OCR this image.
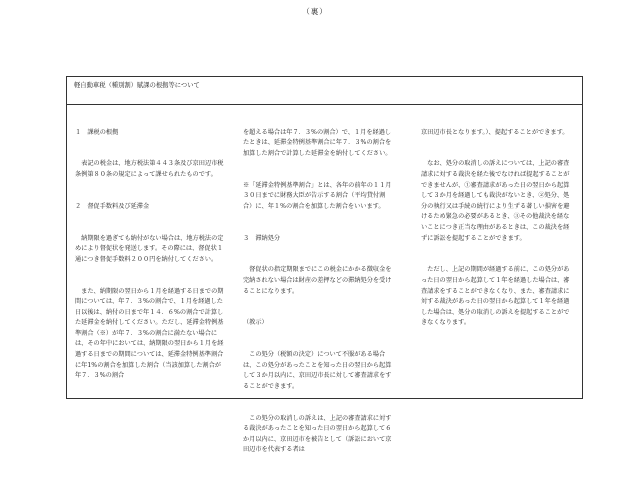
（裏）
軽自動車税（種別割）賦課の根拠等について

１　課税の根拠

　表記の税金は、地方税法第４４３条及び京田辺市税条例第８０条の規定によって課せられたものです。

２　督促手数料及び延滞金

　納期限を過ぎても納付がない場合は、地方税法の定めにより督促状を発送します。その際には、督促状１通につき督促手数料２００円を納付してください。

　また、納期限の翌日から１月を経過する日までの期間については、年７．３%の割合で、１月を経過した日以後は、納付の日まで年１４．６%の割合で計算した延滞金を納付してください。ただし、延滞金特例基準割合（※）が年７．３%の割合に満たない場合には、その年中においては、納期限の翌日から１月を経過する日までの期間については、延滞金特例基準割合に年1%の割合を加算した割合（当該加算した割合が年７．３%の割合

を超える場合は年７．３%の割合）で、１月を経過したときは、延滞金特例基準割合に年７．３%の割合を加算した割合で計算した延滞金を納付してください。

※「延滞金特例基準割合」とは、各年の前年の１１月３０日までに財務大臣が告示する割合（平均貸付割合）に、年１%の割合を加算した割合をいいます。

３　滞納処分

　督促状の指定期限までにこの税金にかかる徴収金を完納されない場合は財産の差押などの滞納処分を受けることになります。

（教示）

　この処分（税額の決定）について不服がある場合は、この処分があったことを知った日の翌日から起算して３か月以内に、京田辺市長に対して審査請求をすることができます。

　この処分の取消しの訴えは、上記の審査請求に対する裁決があったことを知った日の翌日から起算して６か月以内に、京田辺市を被告として（訴訟において京田辺市を代表する者は

京田辺市長となります。）、提起することができます。

　なお、処分の取消しの訴えについては、上記の審査請求に対する裁決を経た後でなければ提起することができませんが、①審査請求があった日の翌日から起算して３か月を経過しても裁決がないとき、②処分、処分の執行又は手続の続行により生ずる著しい損害を避けるため緊急の必要があるとき、③その他裁決を経ないことにつき正当な理由があるときは、この裁決を経ずに訴訟を提起することができます。

　ただし、上記の期間が経過する前に、この処分があった日の翌日から起算して１年を経過した場合は、審査請求をすることができなくなり、また、審査請求に対する裁決があった日の翌日から起算して１年を経過した場合は、処分の取消しの訴えを提起することができなくなります。
